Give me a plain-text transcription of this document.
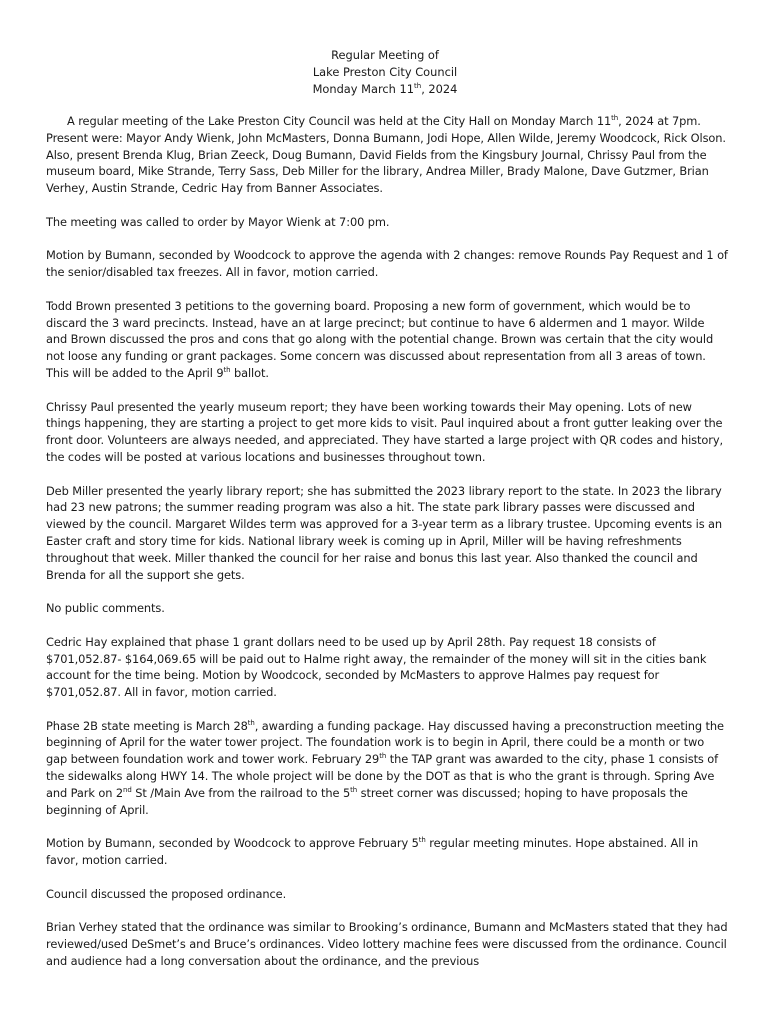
Regular Meeting of
Lake Preston City Council
Monday March 11th, 2024

A regular meeting of the Lake Preston City Council was held at the City Hall on Monday March 11th, 2024 at 7pm. Present were: Mayor Andy Wienk, John McMasters, Donna Bumann, Jodi Hope, Allen Wilde, Jeremy Woodcock, Rick Olson. Also, present Brenda Klug, Brian Zeeck, Doug Bumann, David Fields from the Kingsbury Journal, Chrissy Paul from the museum board, Mike Strande, Terry Sass, Deb Miller for the library, Andrea Miller, Brady Malone, Dave Gutzmer, Brian Verhey, Austin Strande, Cedric Hay from Banner Associates.

The meeting was called to order by Mayor Wienk at 7:00 pm.

Motion by Bumann, seconded by Woodcock to approve the agenda with 2 changes: remove Rounds Pay Request and 1 of the senior/disabled tax freezes. All in favor, motion carried.

Todd Brown presented 3 petitions to the governing board. Proposing a new form of government, which would be to discard the 3 ward precincts. Instead, have an at large precinct; but continue to have 6 aldermen and 1 mayor. Wilde and Brown discussed the pros and cons that go along with the potential change. Brown was certain that the city would not loose any funding or grant packages. Some concern was discussed about representation from all 3 areas of town. This will be added to the April 9th ballot.

Chrissy Paul presented the yearly museum report; they have been working towards their May opening. Lots of new things happening, they are starting a project to get more kids to visit. Paul inquired about a front gutter leaking over the front door. Volunteers are always needed, and appreciated. They have started a large project with QR codes and history, the codes will be posted at various locations and businesses throughout town.

Deb Miller presented the yearly library report; she has submitted the 2023 library report to the state. In 2023 the library had 23 new patrons; the summer reading program was also a hit. The state park library passes were discussed and viewed by the council. Margaret Wildes term was approved for a 3-year term as a library trustee. Upcoming events is an Easter craft and story time for kids. National library week is coming up in April, Miller will be having refreshments throughout that week. Miller thanked the council for her raise and bonus this last year. Also thanked the council and Brenda for all the support she gets.

No public comments.

Cedric Hay explained that phase 1 grant dollars need to be used up by April 28th. Pay request 18 consists of $701,052.87- $164,069.65 will be paid out to Halme right away, the remainder of the money will sit in the cities bank account for the time being. Motion by Woodcock, seconded by McMasters to approve Halmes pay request for $701,052.87. All in favor, motion carried.

Phase 2B state meeting is March 28th, awarding a funding package. Hay discussed having a preconstruction meeting the beginning of April for the water tower project. The foundation work is to begin in April, there could be a month or two gap between foundation work and tower work. February 29th the TAP grant was awarded to the city, phase 1 consists of the sidewalks along HWY 14. The whole project will be done by the DOT as that is who the grant is through. Spring Ave and Park on 2nd St /Main Ave from the railroad to the 5th street corner was discussed; hoping to have proposals the beginning of April.

Motion by Bumann, seconded by Woodcock to approve February 5th regular meeting minutes. Hope abstained. All in favor, motion carried.

Council discussed the proposed ordinance.

Brian Verhey stated that the ordinance was similar to Brooking’s ordinance, Bumann and McMasters stated that they had reviewed/used DeSmet’s and Bruce’s ordinances. Video lottery machine fees were discussed from the ordinance. Council and audience had a long conversation about the ordinance, and the previous
